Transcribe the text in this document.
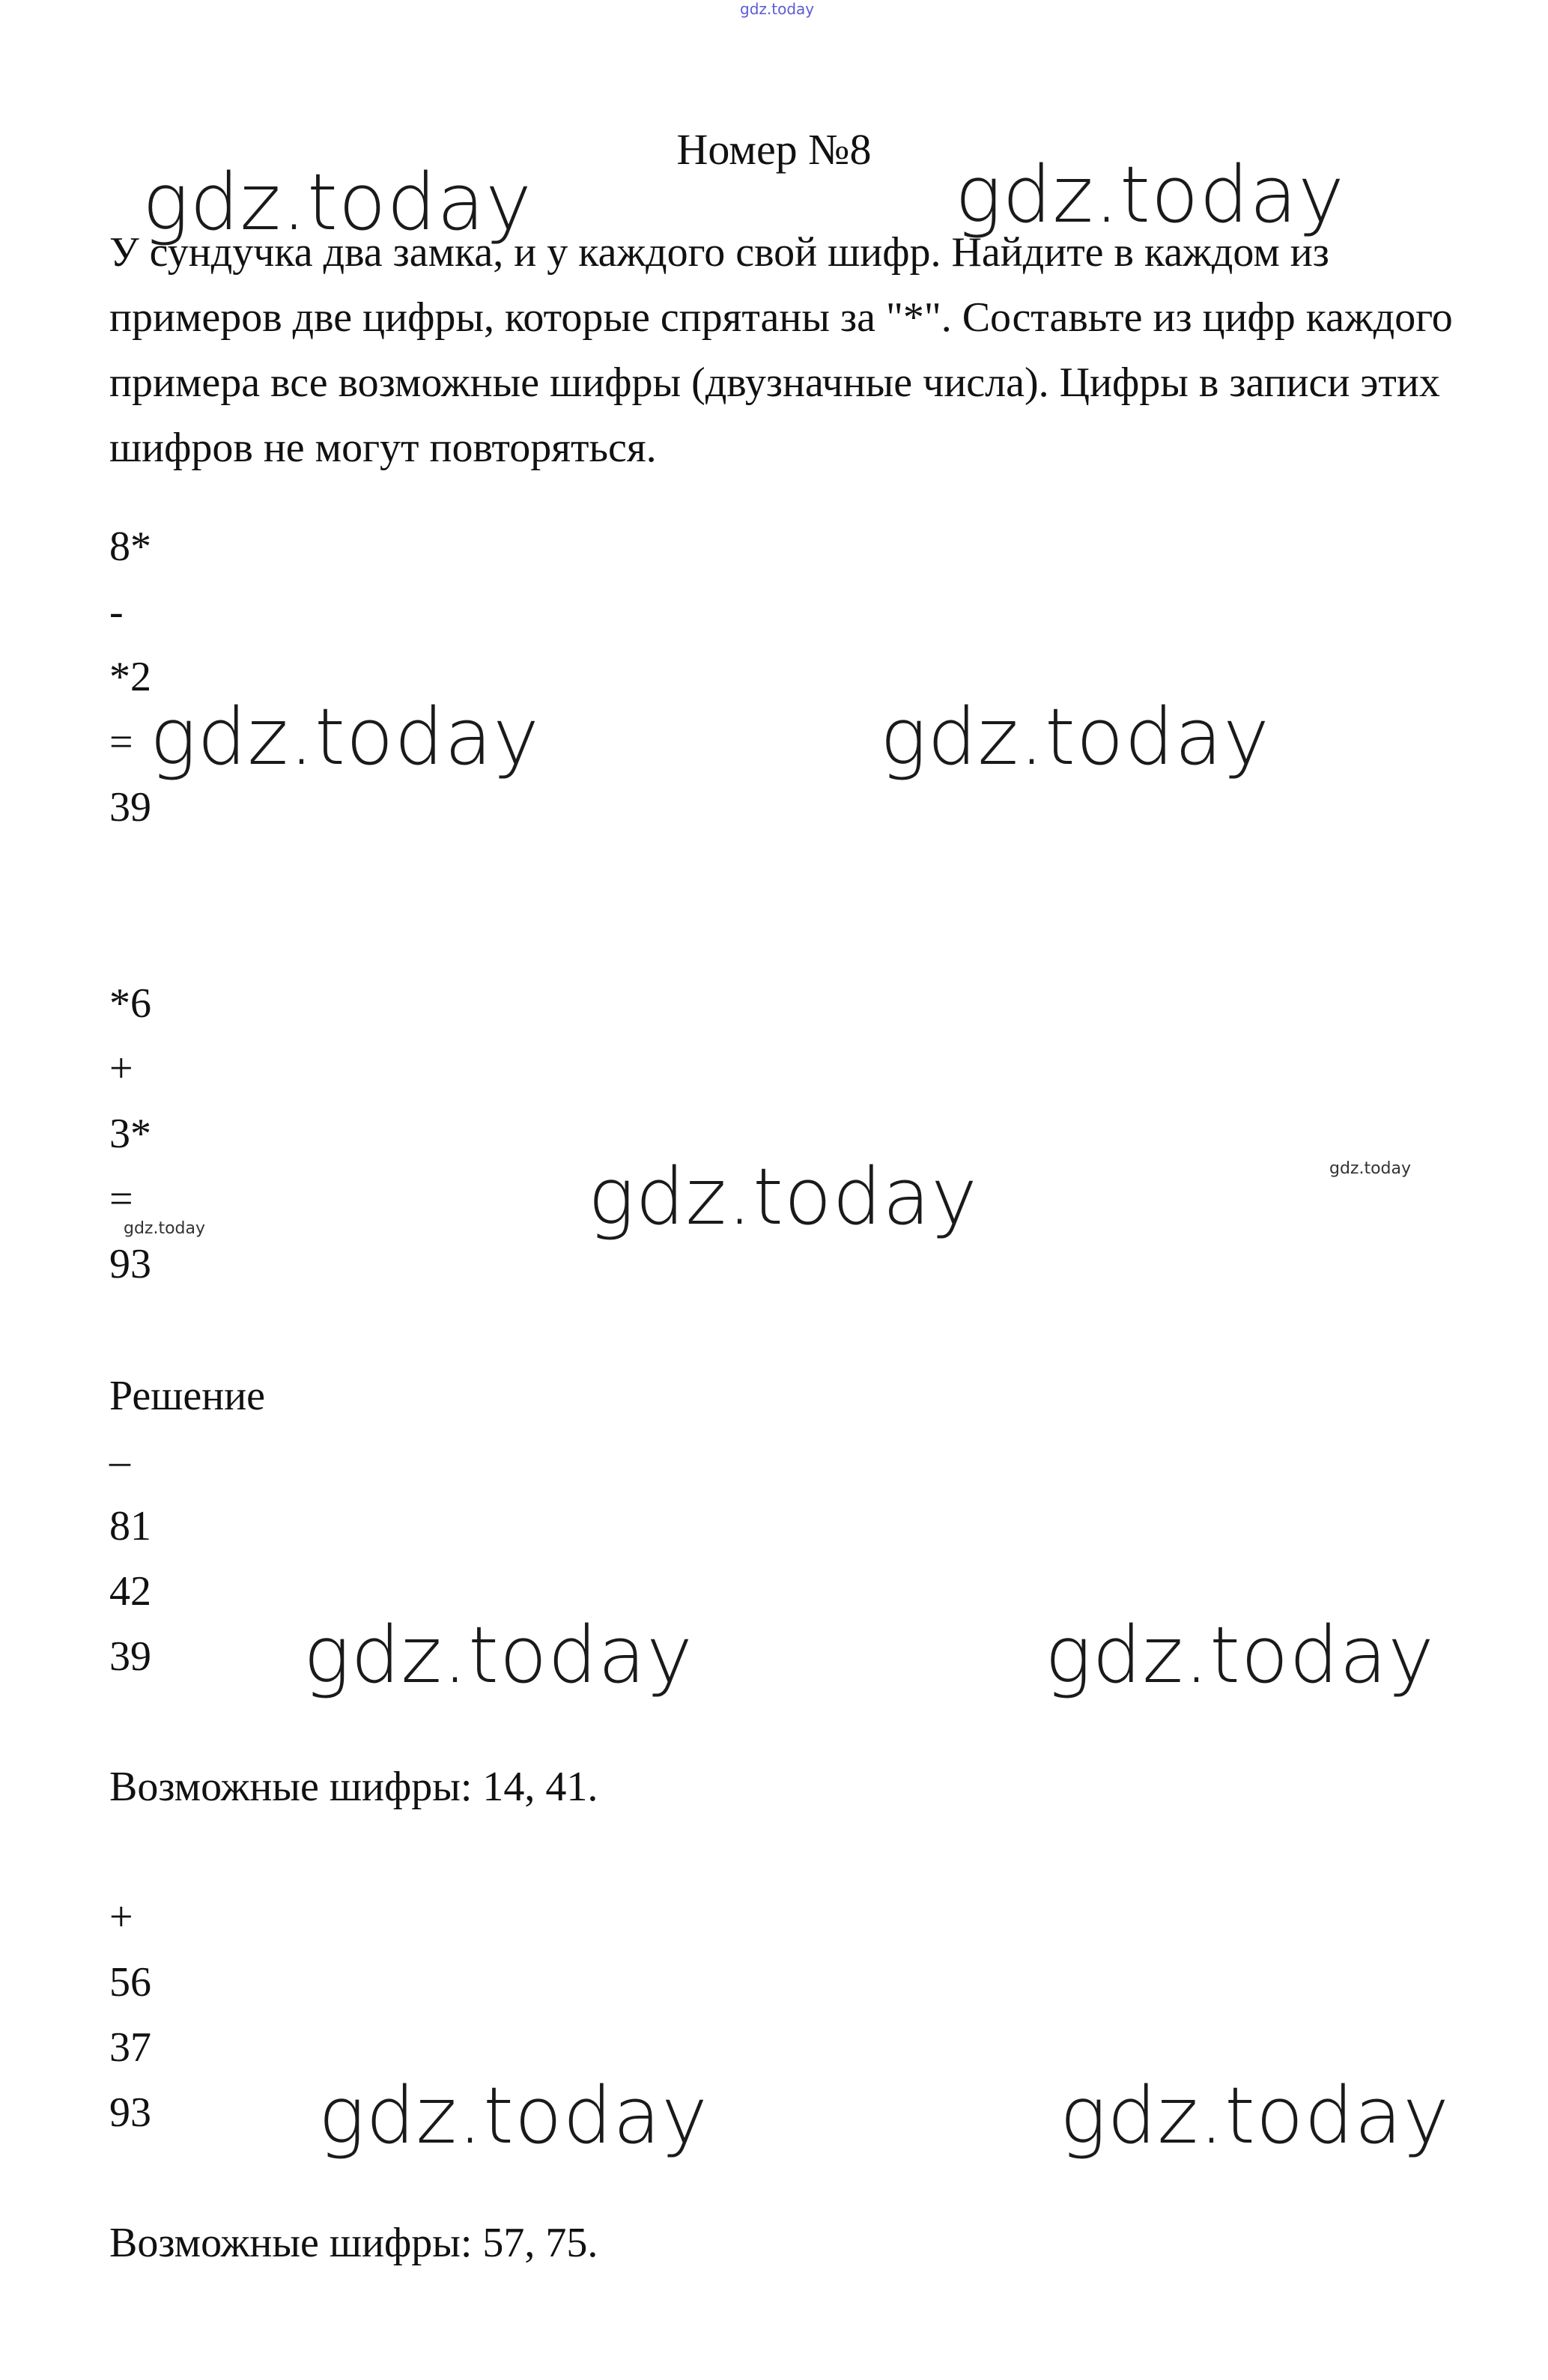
gdz.today
Номер №8
У сундучка два замка, и у каждого свой шифр. Найдите в каждом из примеров две цифры, которые спрятаны за "*". Составьте из цифр каждого примера все возможные шифры (двузначные числа). Цифры в записи этих шифров не могут повторяться.
8*
-
*2
=
39
*6
+
3*
=
93
Решение
–
81
42
39
Возможные шифры: 14, 41.
+
56
37
93
Возможные шифры: 57, 75.
gdz.today	gdz.today
gdz.today	gdz.today
gdz.today
gdz.today	gdz.today
gdz.today	gdz.today
gdz.today
gdz.today
